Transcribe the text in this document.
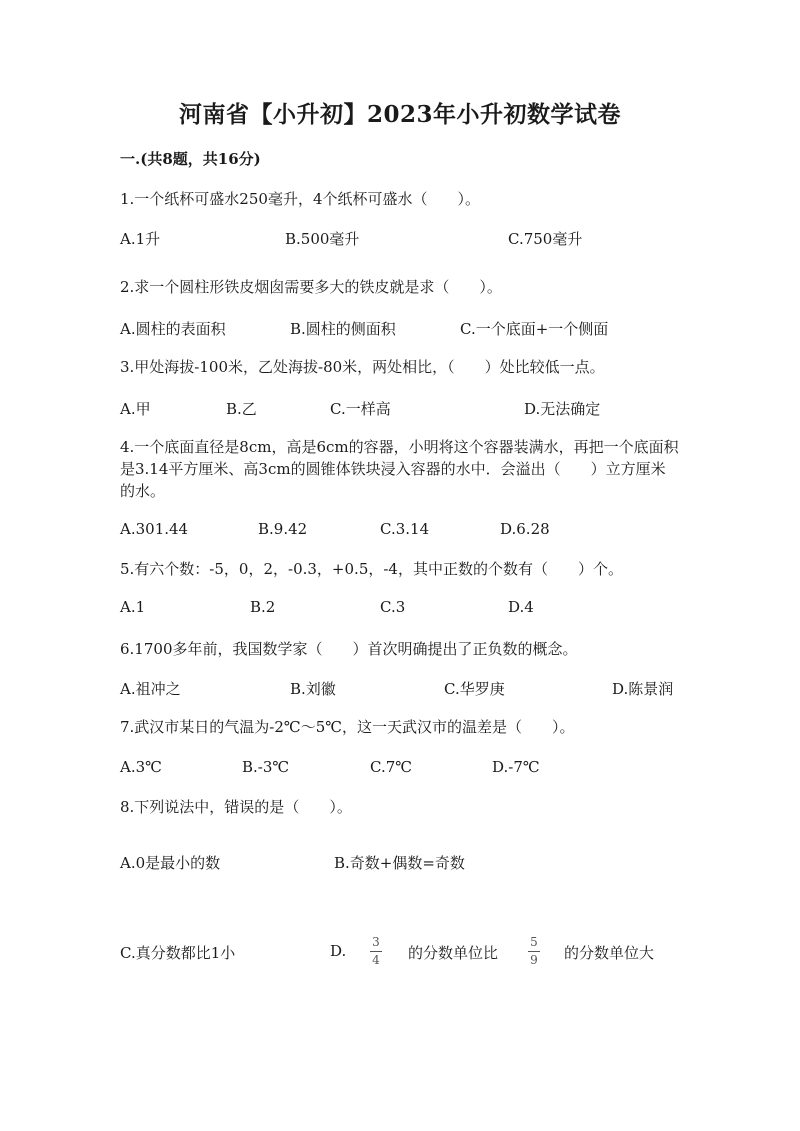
河南省【小升初】2023年小升初数学试卷
一.(共8题，共16分)
1.一个纸杯可盛水250毫升，4个纸杯可盛水（　　）。
A.1升	B.500毫升	C.750毫升
2.求一个圆柱形铁皮烟囱需要多大的铁皮就是求（　　）。
A.圆柱的表面积	B.圆柱的侧面积	C.一个底面+一个侧面
3.甲处海拔-100米，乙处海拔-80米，两处相比，（　　）处比较低一点。
A.甲	B.乙	C.一样高	D.无法确定
4.一个底面直径是8cm，高是6cm的容器，小明将这个容器装满水，再把一个底面积是3.14平方厘米、高3cm的圆锥体铁块浸入容器的水中．会溢出（　　）立方厘米的水。
A.301.44	B.9.42	C.3.14	D.6.28
5.有六个数：-5，0，2，-0.3，+0.5，-4，其中正数的个数有（　　）个。
A.1	B.2	C.3	D.4
6.1700多年前，我国数学家（　　）首次明确提出了正负数的概念。
A.祖冲之	B.刘徽	C.华罗庚	D.陈景润
7.武汉市某日的气温为-2℃～5℃，这一天武汉市的温差是（　　）。
A.3℃	B.-3℃	C.7℃	D.-7℃
8.下列说法中，错误的是（　　）。
A.0是最小的数	B.奇数+偶数=奇数
C.真分数都比1小	D. 3
4 的分数单位比
5
9 的分数单位大
